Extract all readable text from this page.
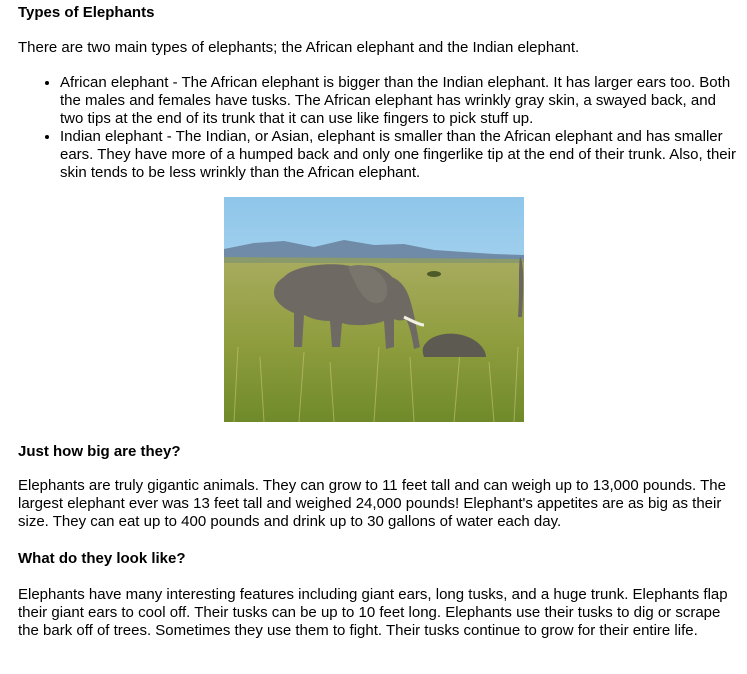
Types of Elephants

There are two main types of elephants; the African elephant and the Indian elephant.

• African elephant - The African elephant is bigger than the Indian elephant. It has larger ears too. Both the males and females have tusks. The African elephant has wrinkly gray skin, a swayed back, and two tips at the end of its trunk that it can use like fingers to pick stuff up.
• Indian elephant - The Indian, or Asian, elephant is smaller than the African elephant and has smaller ears. They have more of a humped back and only one fingerlike tip at the end of their trunk. Also, their skin tends to be less wrinkly than the African elephant.
Just how big are they?

Elephants are truly gigantic animals. They can grow to 11 feet tall and can weigh up to 13,000 pounds. The largest elephant ever was 13 feet tall and weighed 24,000 pounds! Elephant's appetites are as big as their size. They can eat up to 400 pounds and drink up to 30 gallons of water each day.

What do they look like?

Elephants have many interesting features including giant ears, long tusks, and a huge trunk. Elephants flap their giant ears to cool off. Their tusks can be up to 10 feet long. Elephants use their tusks to dig or scrape the bark off of trees. Sometimes they use them to fight. Their tusks continue to grow for their entire life.
